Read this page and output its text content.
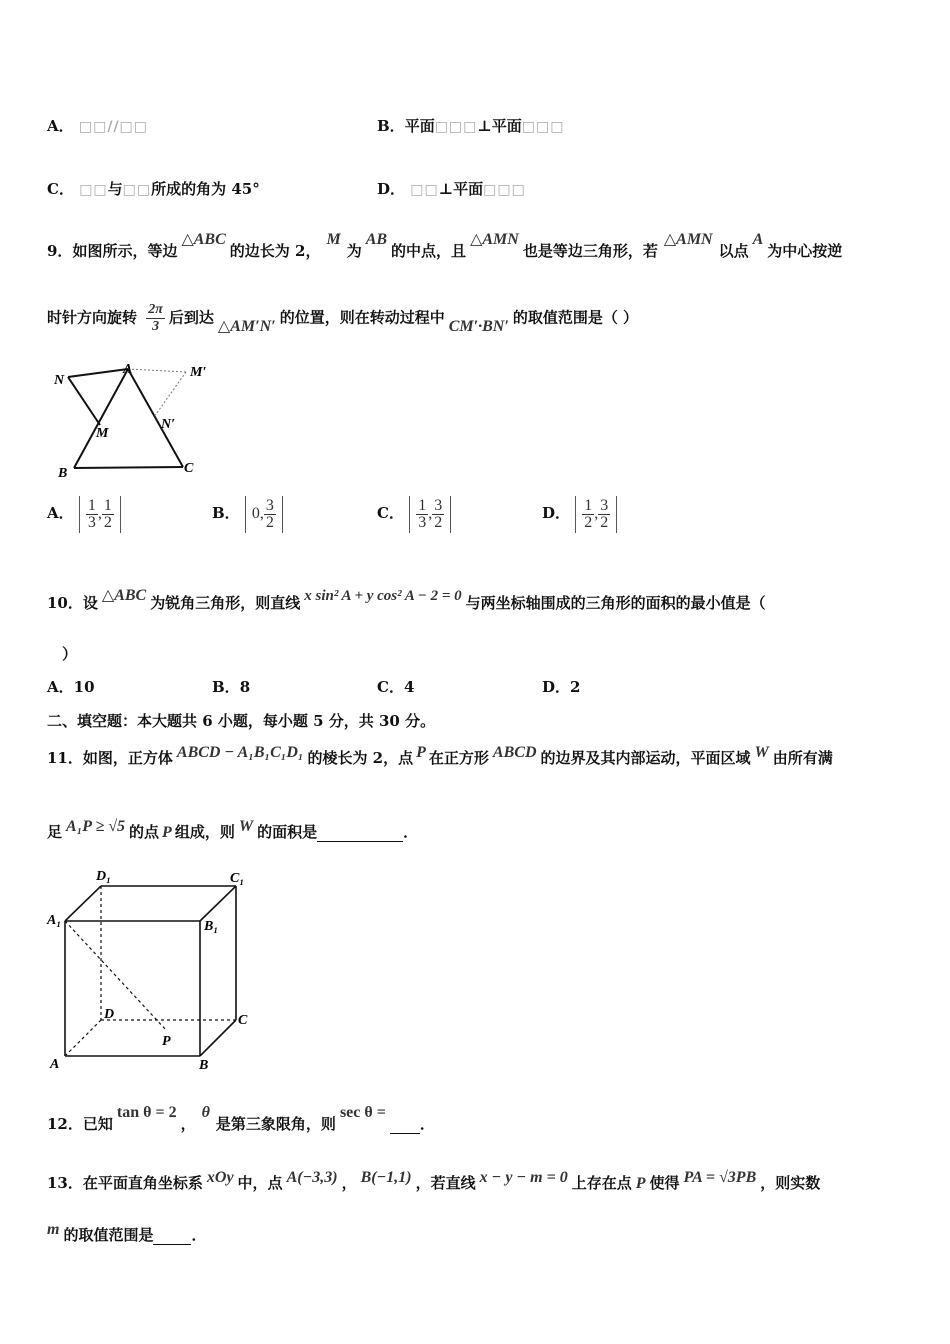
A． □□//□□	B．平面□□□⊥平面□□□
C． □□与□□所成的角为 45°	D． □□⊥平面□□□
9．如图所示，等边△ABC的边长为 2，M为AB的中点，且△AMN也是等边三角形，若△AMN以点A为中心按逆
时针方向旋转 $\frac{2\pi}{3}$ 后到达 △AM′N′ 的位置，则在转动过程中 CM′·BN′ 的取值范围是（ ）
N
A	M′
M
N′
B	C
A． $\frac{1}{3}$ , $\frac{1}{2}$	B． 0, $\frac{3}{2}$	C． $\frac{1}{3}$ , $\frac{3}{2}$	D． $\frac{1}{2}$ , $\frac{3}{2}$
10．设 △ABC 为锐角三角形，则直线 x sin² A + y cos² A − 2 = 0 与两坐标轴围成的三角形的面积的最小值是（
）
A．10	B．8	C．4	D．2
二、填空题：本大题共 6 小题，每小题 5 分，共 30 分。
11．如图，正方体 ABCD − A₁B₁C₁D₁ 的棱长为 2，点 P 在正方形 ABCD 的边界及其内部运动，平面区域 W 由所有满
足 A₁P ≥ √5 的点 P 组成，则 W 的面积是	．
D₁	C₁
A₁	B₁
D	C
P
A	B
12．已知tan θ = 2，θ是第三象限角，则sec θ = ．
13．在平面直角坐标系 xOy 中，点 A(−3,3) ， B(−1,1) ，若直线 x − y − m = 0 上存在点 P 使得 PA = √3PB ，则实数
m 的取值范围是	．
